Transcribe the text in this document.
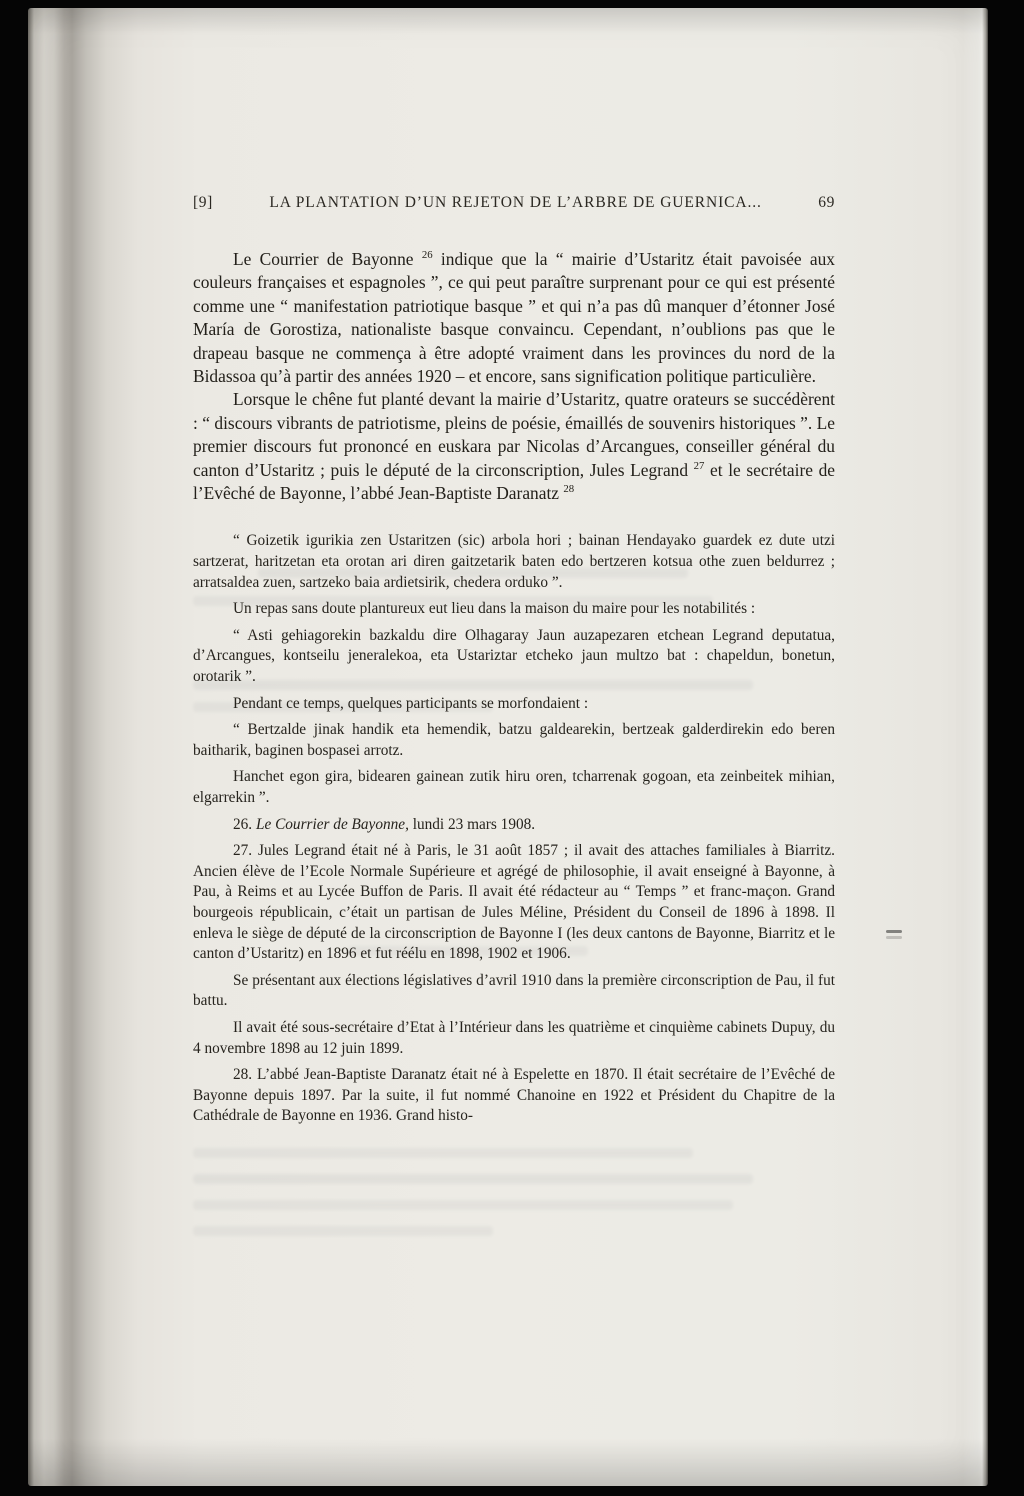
[9]	LA PLANTATION D’UN REJETON DE L’ARBRE DE GUERNICA...	69

Le Courrier de Bayonne $^{26}$ indique que la “ mairie d’Ustaritz était pavoisée aux couleurs françaises et espagnoles ”, ce qui peut paraître surprenant pour ce qui est présenté comme une “ manifestation patriotique basque ” et qui n’a pas dû manquer d’étonner José María de Gorostiza, nationaliste basque convaincu. Cependant, n’oublions pas que le drapeau basque ne commença à être adopté vraiment dans les provinces du nord de la Bidassoa qu’à partir des années 1920 – et encore, sans signification politique particulière.

Lorsque le chêne fut planté devant la mairie d’Ustaritz, quatre orateurs se succédèrent : “ discours vibrants de patriotisme, pleins de poésie, émaillés de souvenirs historiques ”. Le premier discours fut prononcé en euskara par Nicolas d’Arcangues, conseiller général du canton d’Ustaritz ; puis le député de la circonscription, Jules Legrand $^{27}$ et le secrétaire de l’Evêché de Bayonne, l’abbé Jean-Baptiste Daranatz $^{28}$

“ Goizetik igurikia zen Ustaritzen (sic) arbola hori ; bainan Hendayako guardek ez dute utzi sartzerat, haritzetan eta orotan ari diren gaitzetarik baten edo bertzeren kotsua othe zuen beldurrez ; arratsaldea zuen, sartzeko baia ardietsirik, chedera orduko ”.

Un repas sans doute plantureux eut lieu dans la maison du maire pour les notabilités :

“ Asti gehiagorekin bazkaldu dire Olhagaray Jaun auzapezaren etchean Legrand deputatua, d’Arcangues, kontseilu jeneralekoa, eta Ustariztar etcheko jaun multzo bat : chapeldun, bonetun, orotarik ”.

Pendant ce temps, quelques participants se morfondaient :

“ Bertzalde jinak handik eta hemendik, batzu galdearekin, bertzeak galderdirekin edo beren baitharik, baginen bospasei arrotz.

Hanchet egon gira, bidearen gainean zutik hiru oren, tcharrenak gogoan, eta zeinbeitek mihian, elgarrekin ”.

26. Le Courrier de Bayonne, lundi 23 mars 1908.

27. Jules Legrand était né à Paris, le 31 août 1857 ; il avait des attaches familiales à Biarritz. Ancien élève de l’Ecole Normale Supérieure et agrégé de philosophie, il avait enseigné à Bayonne, à Pau, à Reims et au Lycée Buffon de Paris. Il avait été rédacteur au “ Temps ” et franc-maçon. Grand bourgeois républicain, c’était un partisan de Jules Méline, Président du Conseil de 1896 à 1898. Il enleva le siège de député de la circonscription de Bayonne I (les deux cantons de Bayonne, Biarritz et le canton d’Ustaritz) en 1896 et fut réélu en 1898, 1902 et 1906.

Se présentant aux élections législatives d’avril 1910 dans la première circonscription de Pau, il fut battu.

Il avait été sous-secrétaire d’Etat à l’Intérieur dans les quatrième et cinquième cabinets Dupuy, du 4 novembre 1898 au 12 juin 1899.

28. L’abbé Jean-Baptiste Daranatz était né à Espelette en 1870. Il était secrétaire de l’Evêché de Bayonne depuis 1897. Par la suite, il fut nommé Chanoine en 1922 et Président du Chapitre de la Cathédrale de Bayonne en 1936. Grand histo-
